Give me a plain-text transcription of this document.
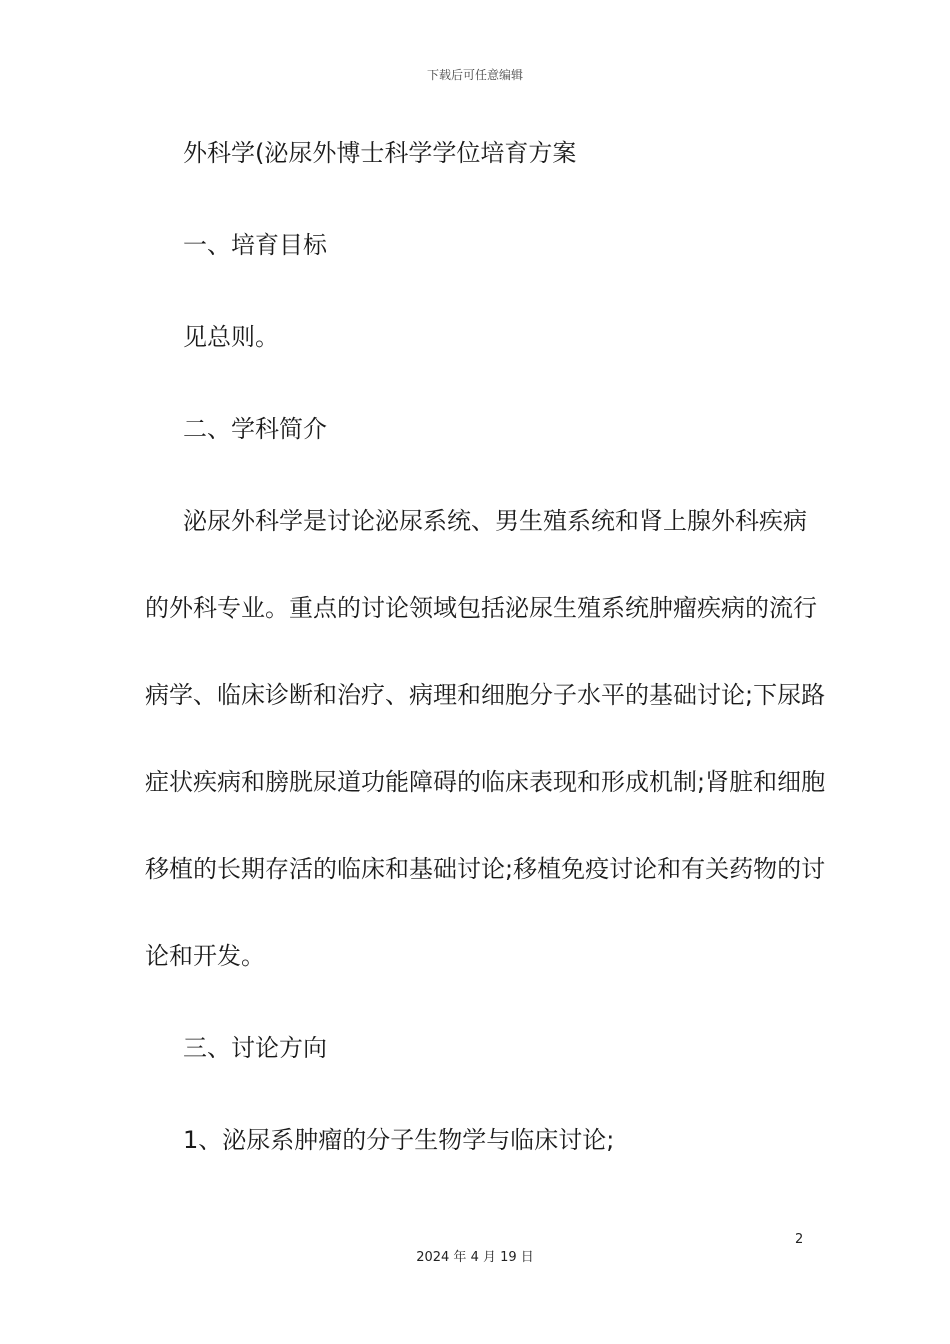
下载后可任意编辑
外科学(泌尿外博士科学学位培育方案
一、培育目标
见总则。
二、学科简介
泌尿外科学是讨论泌尿系统、男生殖系统和肾上腺外科疾病
的外科专业。重点的讨论领域包括泌尿生殖系统肿瘤疾病的流行
病学、临床诊断和治疗、病理和细胞分子水平的基础讨论;下尿路
症状疾病和膀胱尿道功能障碍的临床表现和形成机制;肾脏和细胞
移植的长期存活的临床和基础讨论;移植免疫讨论和有关药物的讨
论和开发。
三、讨论方向
1、泌尿系肿瘤的分子生物学与临床讨论;
2
2024 年 4 月 19 日
